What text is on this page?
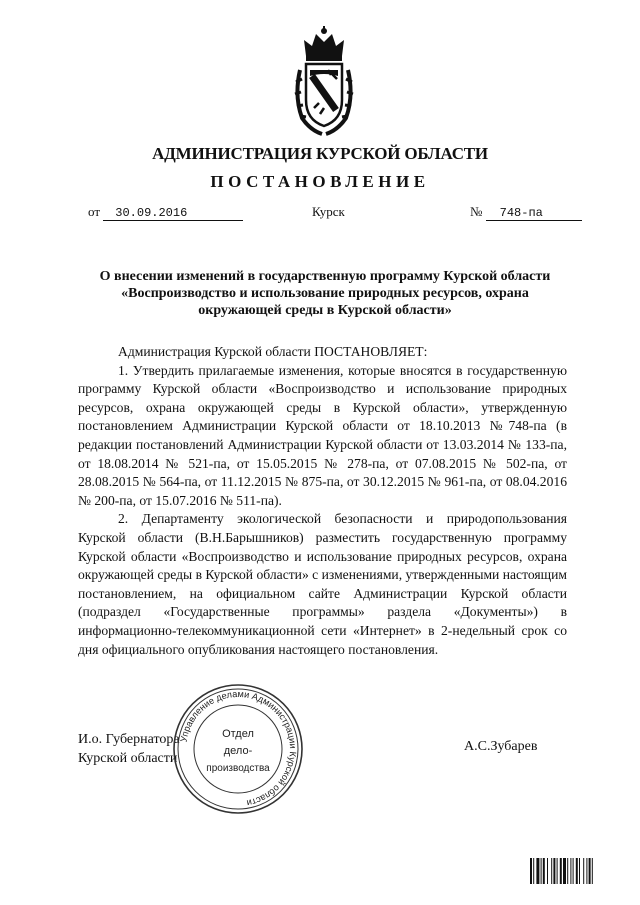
АДМИНИСТРАЦИЯ КУРСКОЙ ОБЛАСТИ
ПОСТАНОВЛЕНИЕ
от 30.09.2016	Курск	№ 748-па
О внесении изменений в государственную программу Курской области «Воспроизводство и использование природных ресурсов, охрана окружающей среды в Курской области»

Администрация Курской области ПОСТАНОВЛЯЕТ:

1. Утвердить прилагаемые изменения, которые вносятся в государственную программу Курской области «Воспроизводство и использование природных ресурсов, охрана окружающей среды в Курской области», утвержденную постановлением Администрации Курской области от 18.10.2013 №748-па (в редакции постановлений Администрации Курской области от 13.03.2014 № 133-па, от 18.08.2014 № 521-па, от 15.05.2015 № 278-па, от 07.08.2015 № 502-па, от 28.08.2015 № 564-па, от 11.12.2015 № 875-па, от 30.12.2015 № 961-па, от 08.04.2016 № 200-па, от 15.07.2016 № 511-па).

2. Департаменту экологической безопасности и природопользования Курской области (В.Н.Барышников) разместить государственную программу Курской области «Воспроизводство и использование природных ресурсов, охрана окружающей среды в Курской области» с изменениями, утвержденными настоящим постановлением, на официальном сайте Администрации Курской области (подраздел «Государственные программы» раздела «Документы») в информационно-телекоммуникационной сети «Интернет» в 2-недельный срок со дня официального опубликования настоящего постановления.

И.о. Губернатора
Курской области
А.С.Зубарев
Управление делами Администрации Курской области
Отдел
дело-
производства
